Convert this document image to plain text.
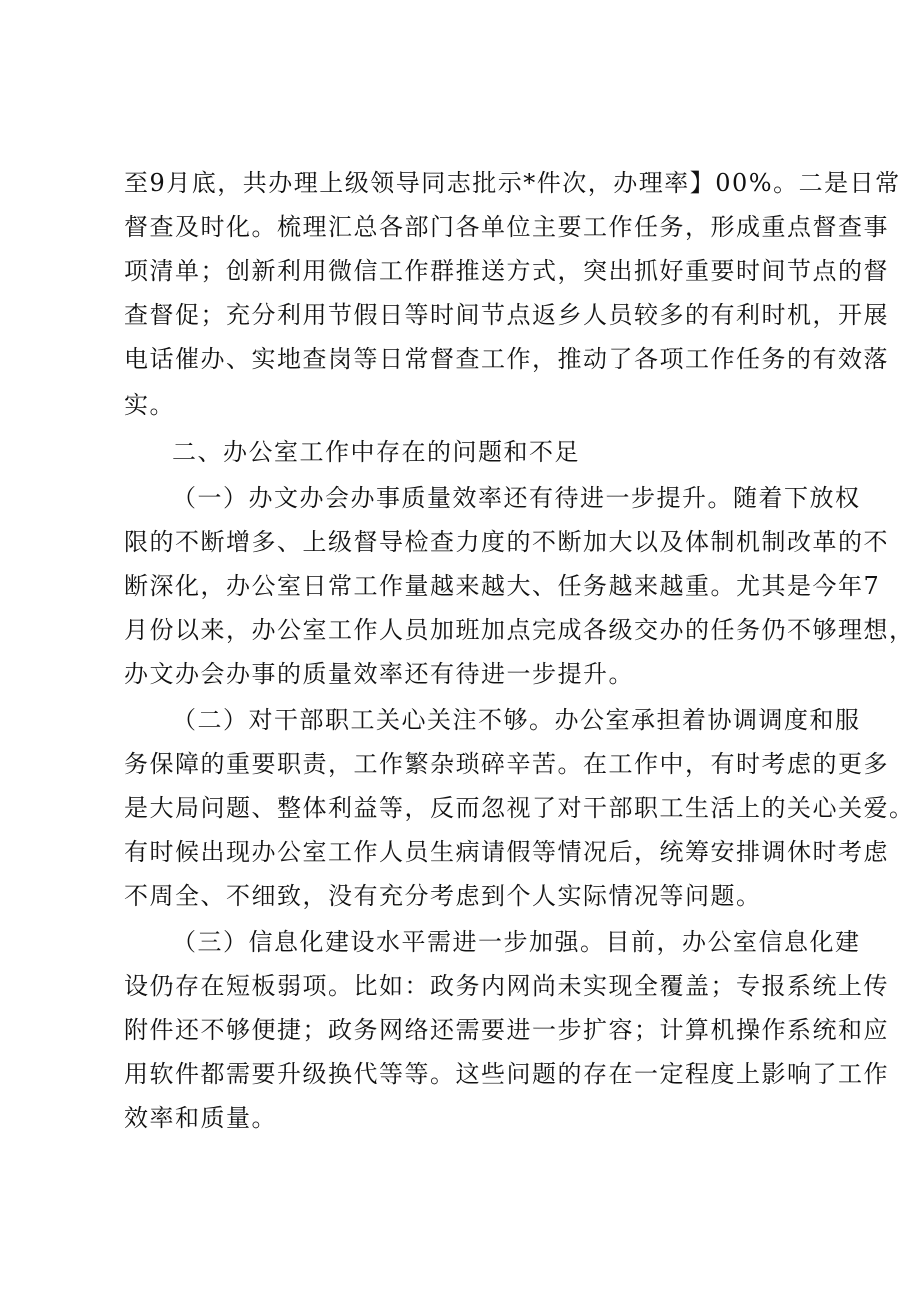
至9月底，共办理上级领导同志批示*件次，办理率】00%。二是日常
督查及时化。梳理汇总各部门各单位主要工作任务，形成重点督查事
项清单；创新利用微信工作群推送方式，突出抓好重要时间节点的督
查督促；充分利用节假日等时间节点返乡人员较多的有利时机，开展
电话催办、实地查岗等日常督查工作，推动了各项工作任务的有效落
实。
二、办公室工作中存在的问题和不足
（一）办文办会办事质量效率还有待进一步提升。随着下放权
限的不断增多、上级督导检查力度的不断加大以及体制机制改革的不
断深化，办公室日常工作量越来越大、任务越来越重。尤其是今年7
月份以来，办公室工作人员加班加点完成各级交办的任务仍不够理想，
办文办会办事的质量效率还有待进一步提升。
（二）对干部职工关心关注不够。办公室承担着协调调度和服
务保障的重要职责，工作繁杂琐碎辛苦。在工作中，有时考虑的更多
是大局问题、整体利益等，反而忽视了对干部职工生活上的关心关爱。
有时候出现办公室工作人员生病请假等情况后，统筹安排调休时考虑
不周全、不细致，没有充分考虑到个人实际情况等问题。
（三）信息化建设水平需进一步加强。目前，办公室信息化建
设仍存在短板弱项。比如：政务内网尚未实现全覆盖；专报系统上传
附件还不够便捷；政务网络还需要进一步扩容；计算机操作系统和应
用软件都需要升级换代等等。这些问题的存在一定程度上影响了工作
效率和质量。
